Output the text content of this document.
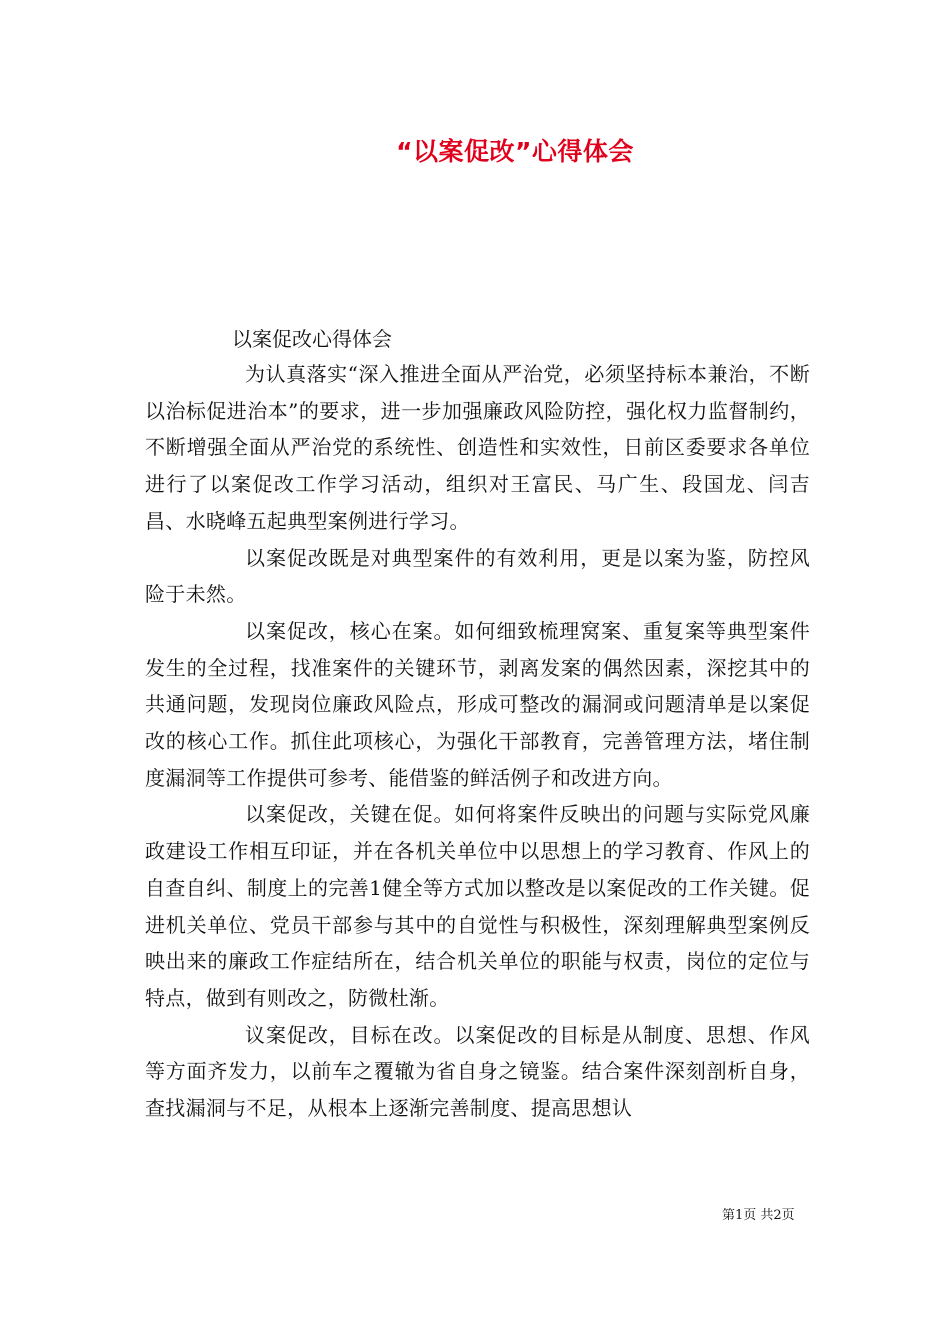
“以案促改”心得体会
以案促改心得体会

为认真落实“深入推进全面从严治党，必须坚持标本兼治，不断以治标促进治本”的要求，进一步加强廉政风险防控，强化权力监督制约，不断增强全面从严治党的系统性、创造性和实效性，日前区委要求各单位进行了以案促改工作学习活动，组织对王富民、马广生、段国龙、闫吉昌、水晓峰五起典型案例进行学习。

以案促改既是对典型案件的有效利用，更是以案为鉴，防控风险于未然。

以案促改，核心在案。如何细致梳理窝案、重复案等典型案件发生的全过程，找准案件的关键环节，剥离发案的偶然因素，深挖其中的共通问题，发现岗位廉政风险点，形成可整改的漏洞或问题清单是以案促改的核心工作。抓住此项核心，为强化干部教育，完善管理方法，堵住制度漏洞等工作提供可参考、能借鉴的鲜活例子和改进方向。

以案促改，关键在促。如何将案件反映出的问题与实际党风廉政建设工作相互印证，并在各机关单位中以思想上的学习教育、作风上的自查自纠、制度上的完善1健全等方式加以整改是以案促改的工作关键。促进机关单位、党员干部参与其中的自觉性与积极性，深刻理解典型案例反映出来的廉政工作症结所在，结合机关单位的职能与权责，岗位的定位与特点，做到有则改之，防微杜渐。

议案促改，目标在改。以案促改的目标是从制度、思想、作风等方面齐发力，以前车之覆辙为省自身之镜鉴。结合案件深刻剖析自身，查找漏洞与不足，从根本上逐渐完善制度、提高思想认

第1页 共2页
